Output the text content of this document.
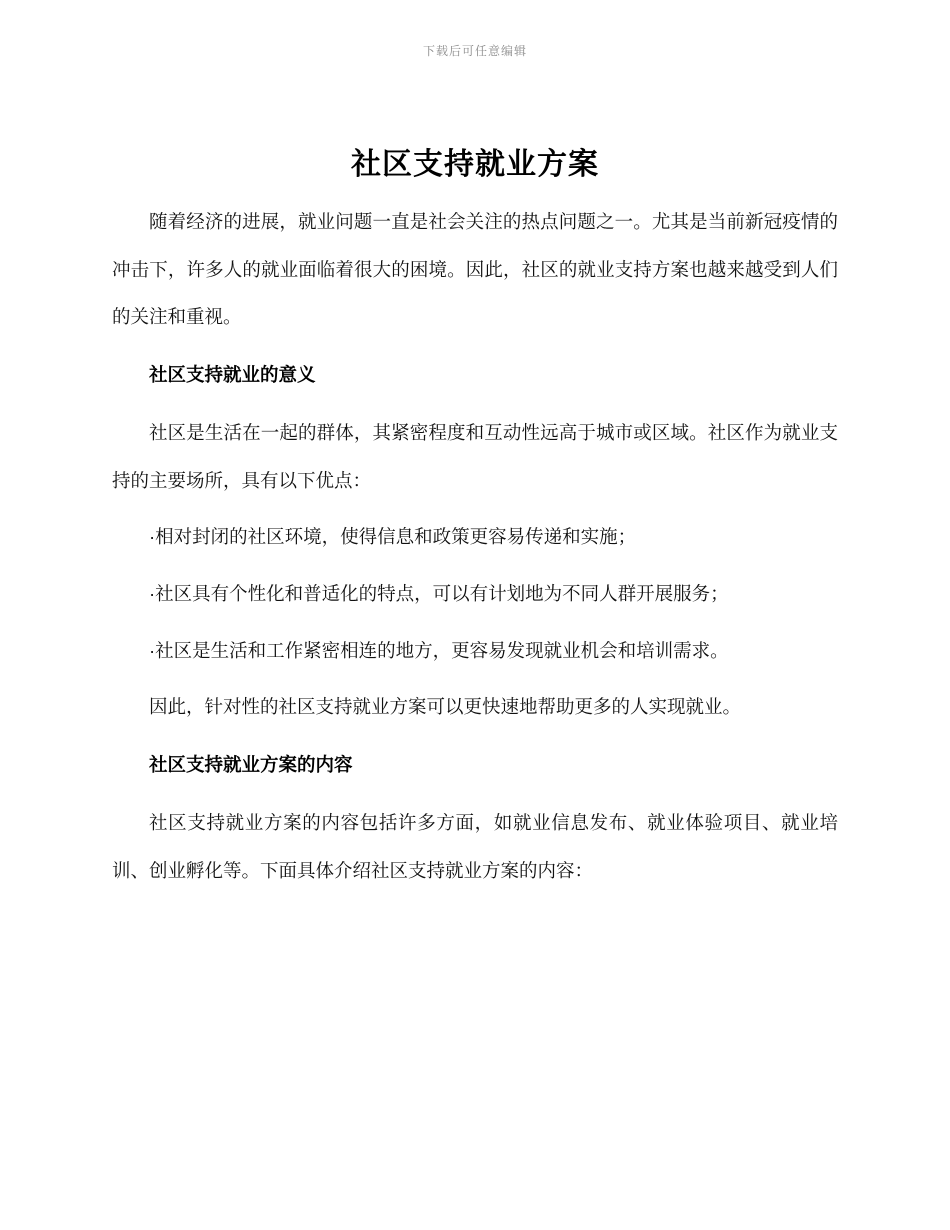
下载后可任意编辑
社区支持就业方案

随着经济的进展，就业问题一直是社会关注的热点问题之一。尤其是当前新冠疫情的冲击下，许多人的就业面临着很大的困境。因此，社区的就业支持方案也越来越受到人们的关注和重视。

社区支持就业的意义

社区是生活在一起的群体，其紧密程度和互动性远高于城市或区域。社区作为就业支持的主要场所，具有以下优点：

·相对封闭的社区环境，使得信息和政策更容易传递和实施；

·社区具有个性化和普适化的特点，可以有计划地为不同人群开展服务；

·社区是生活和工作紧密相连的地方，更容易发现就业机会和培训需求。

因此，针对性的社区支持就业方案可以更快速地帮助更多的人实现就业。

社区支持就业方案的内容

社区支持就业方案的内容包括许多方面，如就业信息发布、就业体验项目、就业培训、创业孵化等。下面具体介绍社区支持就业方案的内容：
